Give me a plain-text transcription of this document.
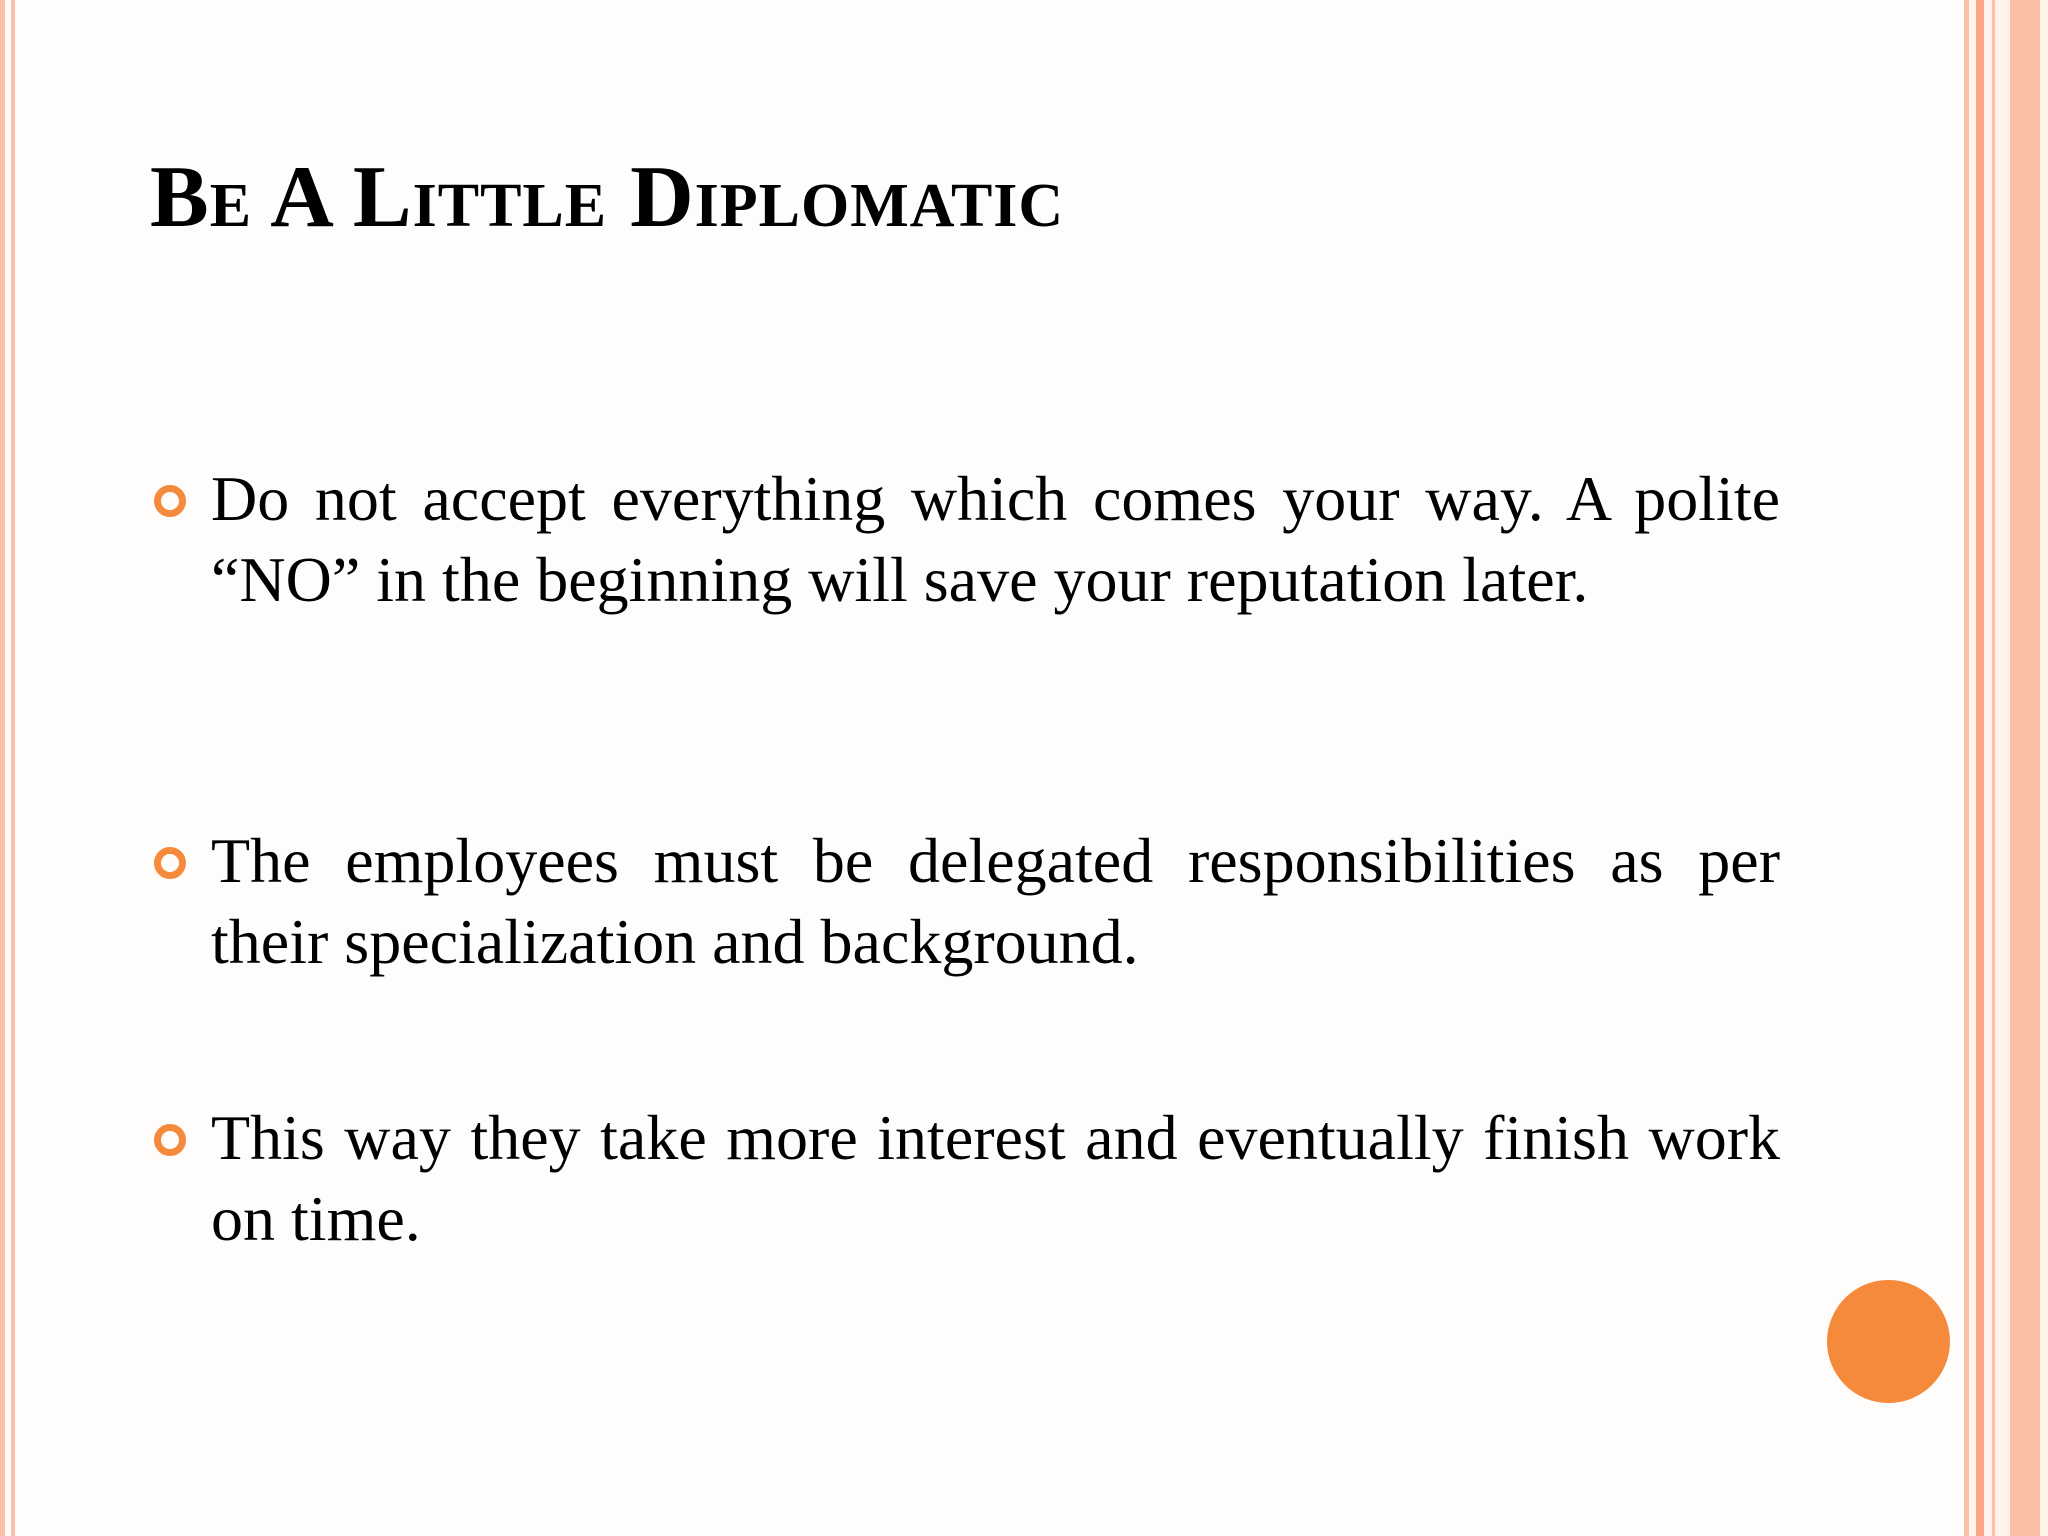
Be A Little Diplomatic
Do not accept everything which comes your way. A polite “NO” in the beginning will save your reputation later.
The employees must be delegated responsibilities as per their specialization and background.
This way they take more interest and eventually finish work on time.
